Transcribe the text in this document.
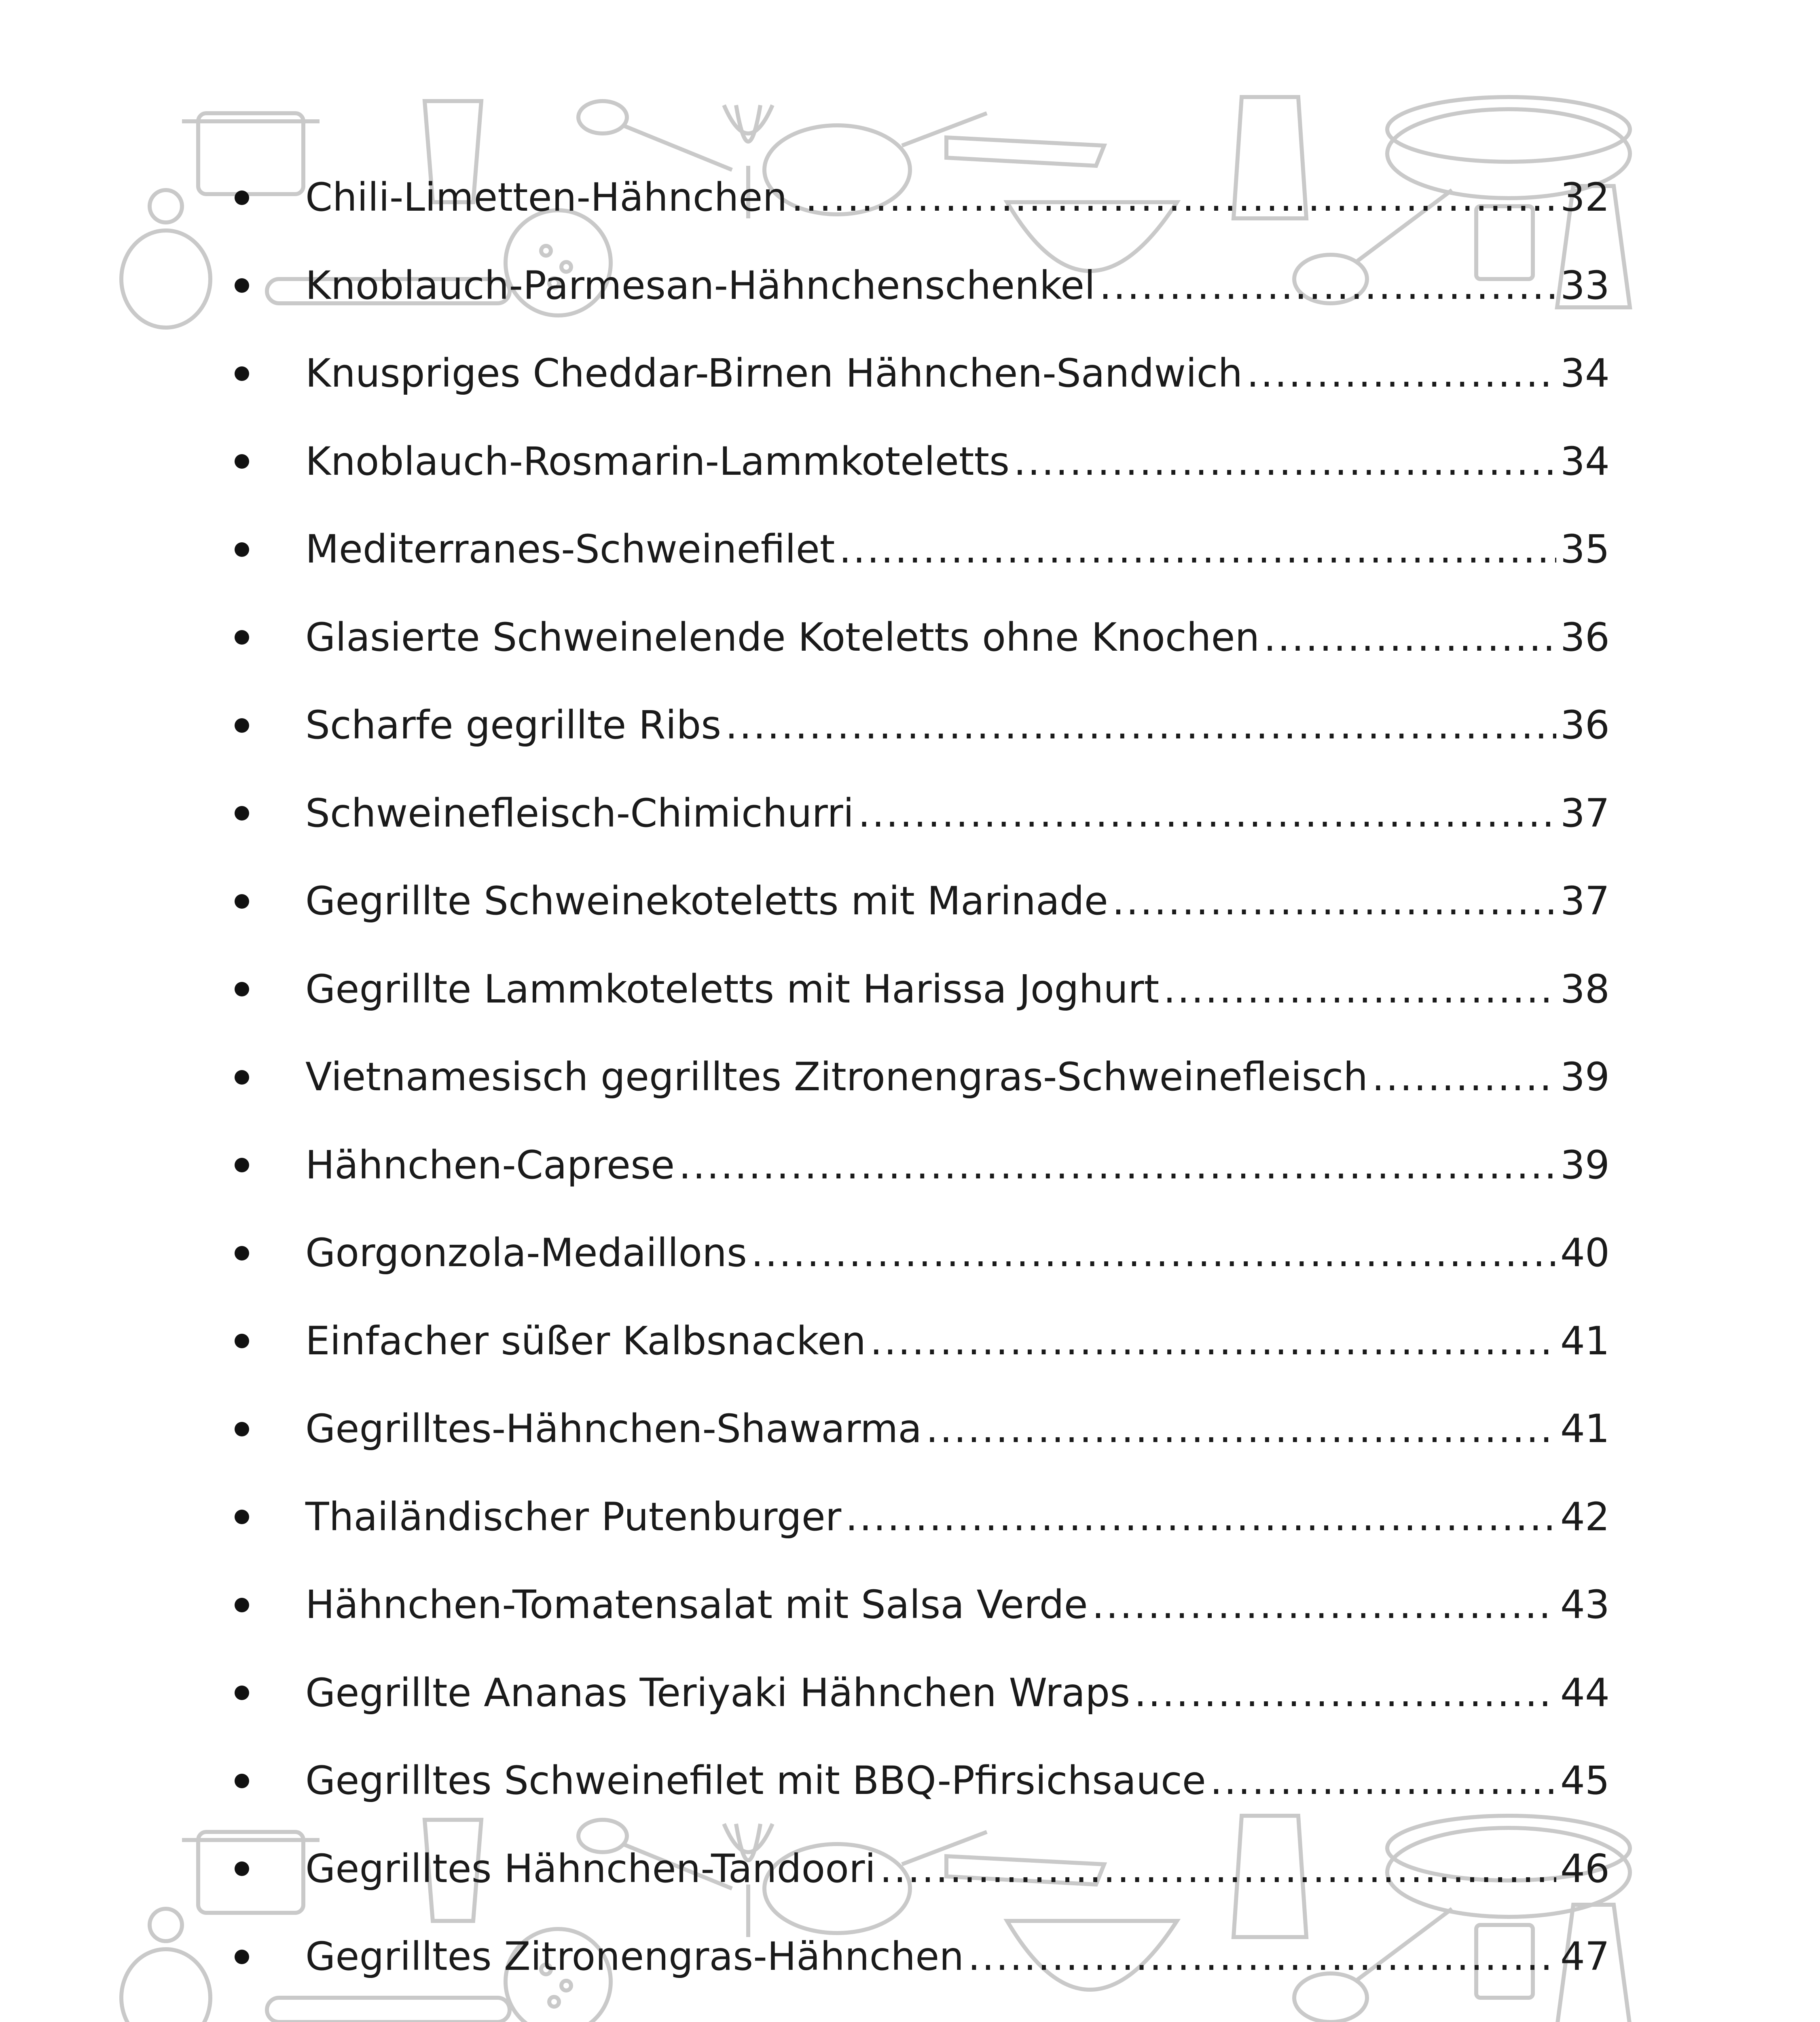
Chili-Limetten-Hähnchen .....	32
Knoblauch-Parmesan-Hähnchenschenkel .....	33
Knuspriges Cheddar-Birnen Hähnchen-Sandwich .....	34
Knoblauch-Rosmarin-Lammkoteletts .....	34
Mediterranes-Schweinefilet .....	35
Glasierte Schweinelende Koteletts ohne Knochen .....	36
Scharfe gegrillte Ribs .....	36
Schweinefleisch-Chimichurri .....	37
Gegrillte Schweinekoteletts mit Marinade .....	37
Gegrillte Lammkoteletts mit Harissa Joghurt .....	38
Vietnamesisch gegrilltes Zitronengras-Schweinefleisch .....	39
Hähnchen-Caprese .....	39
Gorgonzola-Medaillons .....	40
Einfacher süßer Kalbsnacken .....	41
Gegrilltes-Hähnchen-Shawarma .....	41
Thailändischer Putenburger .....	42
Hähnchen-Tomatensalat mit Salsa Verde .....	43
Gegrillte Ananas Teriyaki Hähnchen Wraps .....	44
Gegrilltes Schweinefilet mit BBQ-Pfirsichsauce .....	45
Gegrilltes Hähnchen-Tandoori .....	46
Gegrilltes Zitronengras-Hähnchen .....	47
.....
